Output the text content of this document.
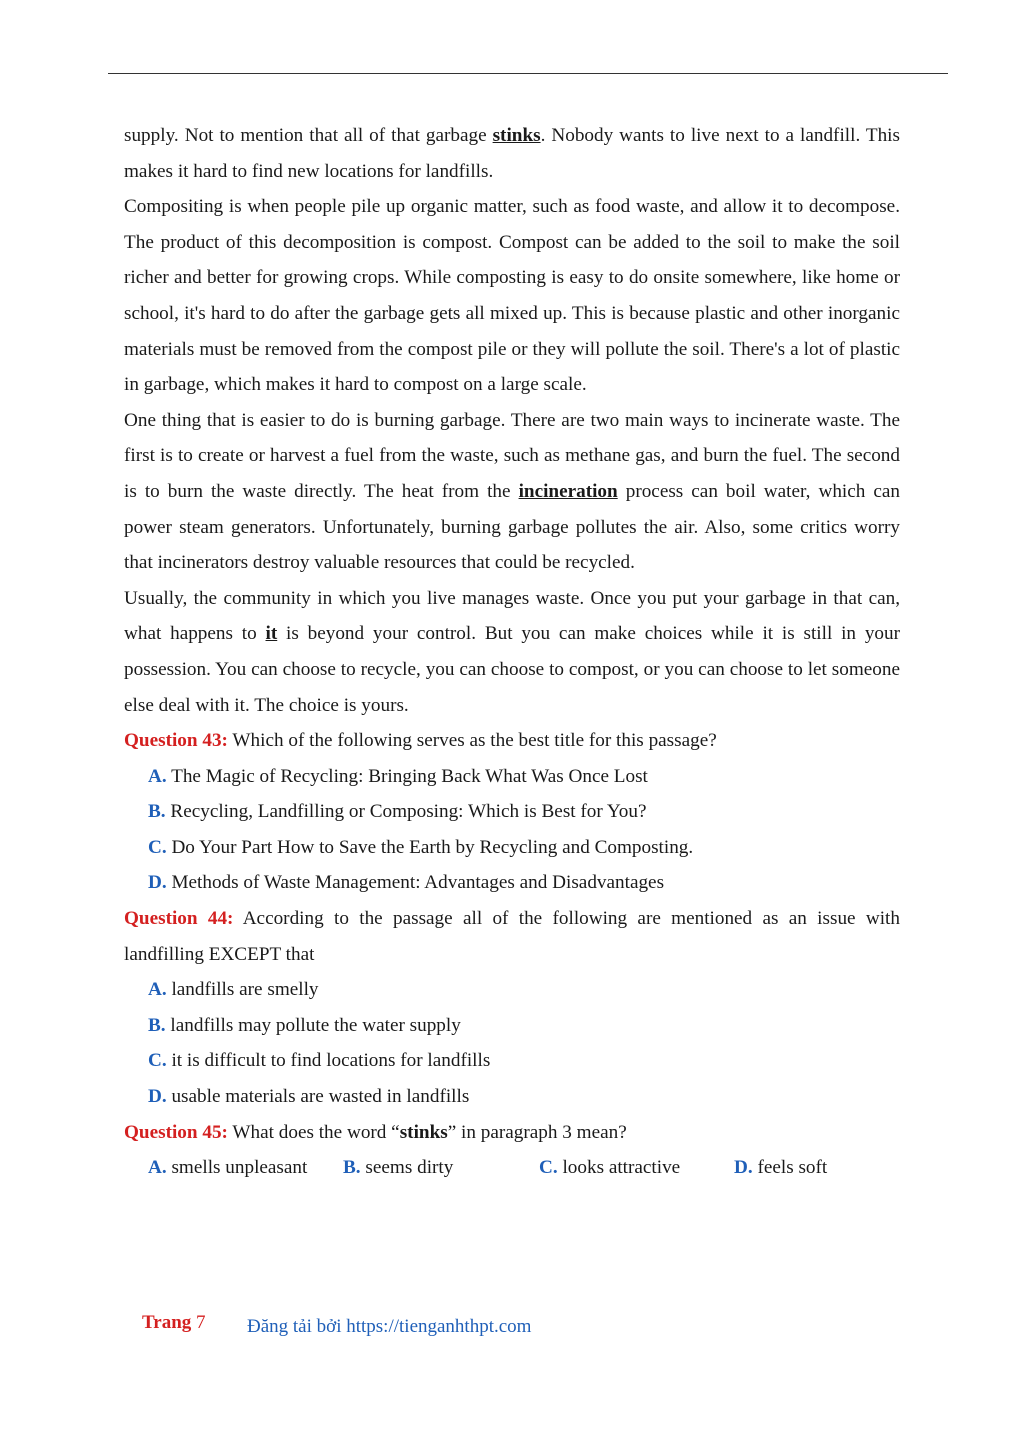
supply. Not to mention that all of that garbage stinks. Nobody wants to live next to a landfill. This makes it hard to find new locations for landfills.

Compositing is when people pile up organic matter, such as food waste, and allow it to decompose. The product of this decomposition is compost. Compost can be added to the soil to make the soil richer and better for growing crops. While composting is easy to do onsite somewhere, like home or school, it's hard to do after the garbage gets all mixed up. This is because plastic and other inorganic materials must be removed from the compost pile or they will pollute the soil. There's a lot of plastic in garbage, which makes it hard to compost on a large scale.

One thing that is easier to do is burning garbage. There are two main ways to incinerate waste. The first is to create or harvest a fuel from the waste, such as methane gas, and burn the fuel. The second is to burn the waste directly. The heat from the incineration process can boil water, which can power steam generators. Unfortunately, burning garbage pollutes the air. Also, some critics worry that incinerators destroy valuable resources that could be recycled.

Usually, the community in which you live manages waste. Once you put your garbage in that can, what happens to it is beyond your control. But you can make choices while it is still in your possession. You can choose to recycle, you can choose to compost, or you can choose to let someone else deal with it. The choice is yours.

Question 43: Which of the following serves as the best title for this passage?

A. The Magic of Recycling: Bringing Back What Was Once Lost

B. Recycling, Landfilling or Composing: Which is Best for You?

C. Do Your Part How to Save the Earth by Recycling and Composting.

D. Methods of Waste Management: Advantages and Disadvantages

Question 44: According to the passage all of the following are mentioned as an issue with landfilling EXCEPT that

A. landfills are smelly

B. landfills may pollute the water supply

C. it is difficult to find locations for landfills

D. usable materials are wasted in landfills

Question 45: What does the word “stinks” in paragraph 3 mean?

A. smells unpleasant B. seems dirty	C. looks attractive	D. feels soft
Trang 7 Đăng tải bởi https://tienganhthpt.com
